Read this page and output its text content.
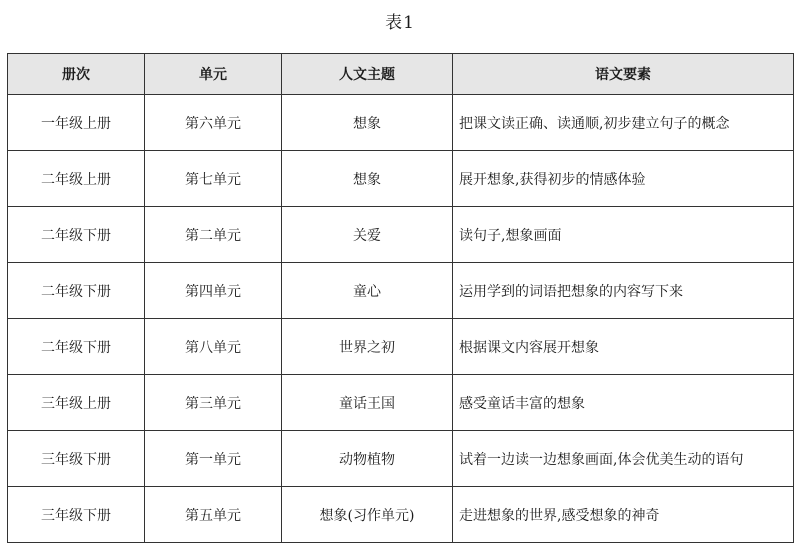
表1
册次	单元	人文主题	语文要素
一年级上册	第六单元	想象	把课文读正确、读通顺,初步建立句子的概念
二年级上册	第七单元	想象	展开想象,获得初步的情感体验
二年级下册	第二单元	关爱	读句子,想象画面
二年级下册	第四单元	童心	运用学到的词语把想象的内容写下来
二年级下册	第八单元	世界之初	根据课文内容展开想象
三年级上册	第三单元	童话王国	感受童话丰富的想象
三年级下册	第一单元	动物植物	试着一边读一边想象画面,体会优美生动的语句
三年级下册	第五单元	想象(习作单元)	走进想象的世界,感受想象的神奇
